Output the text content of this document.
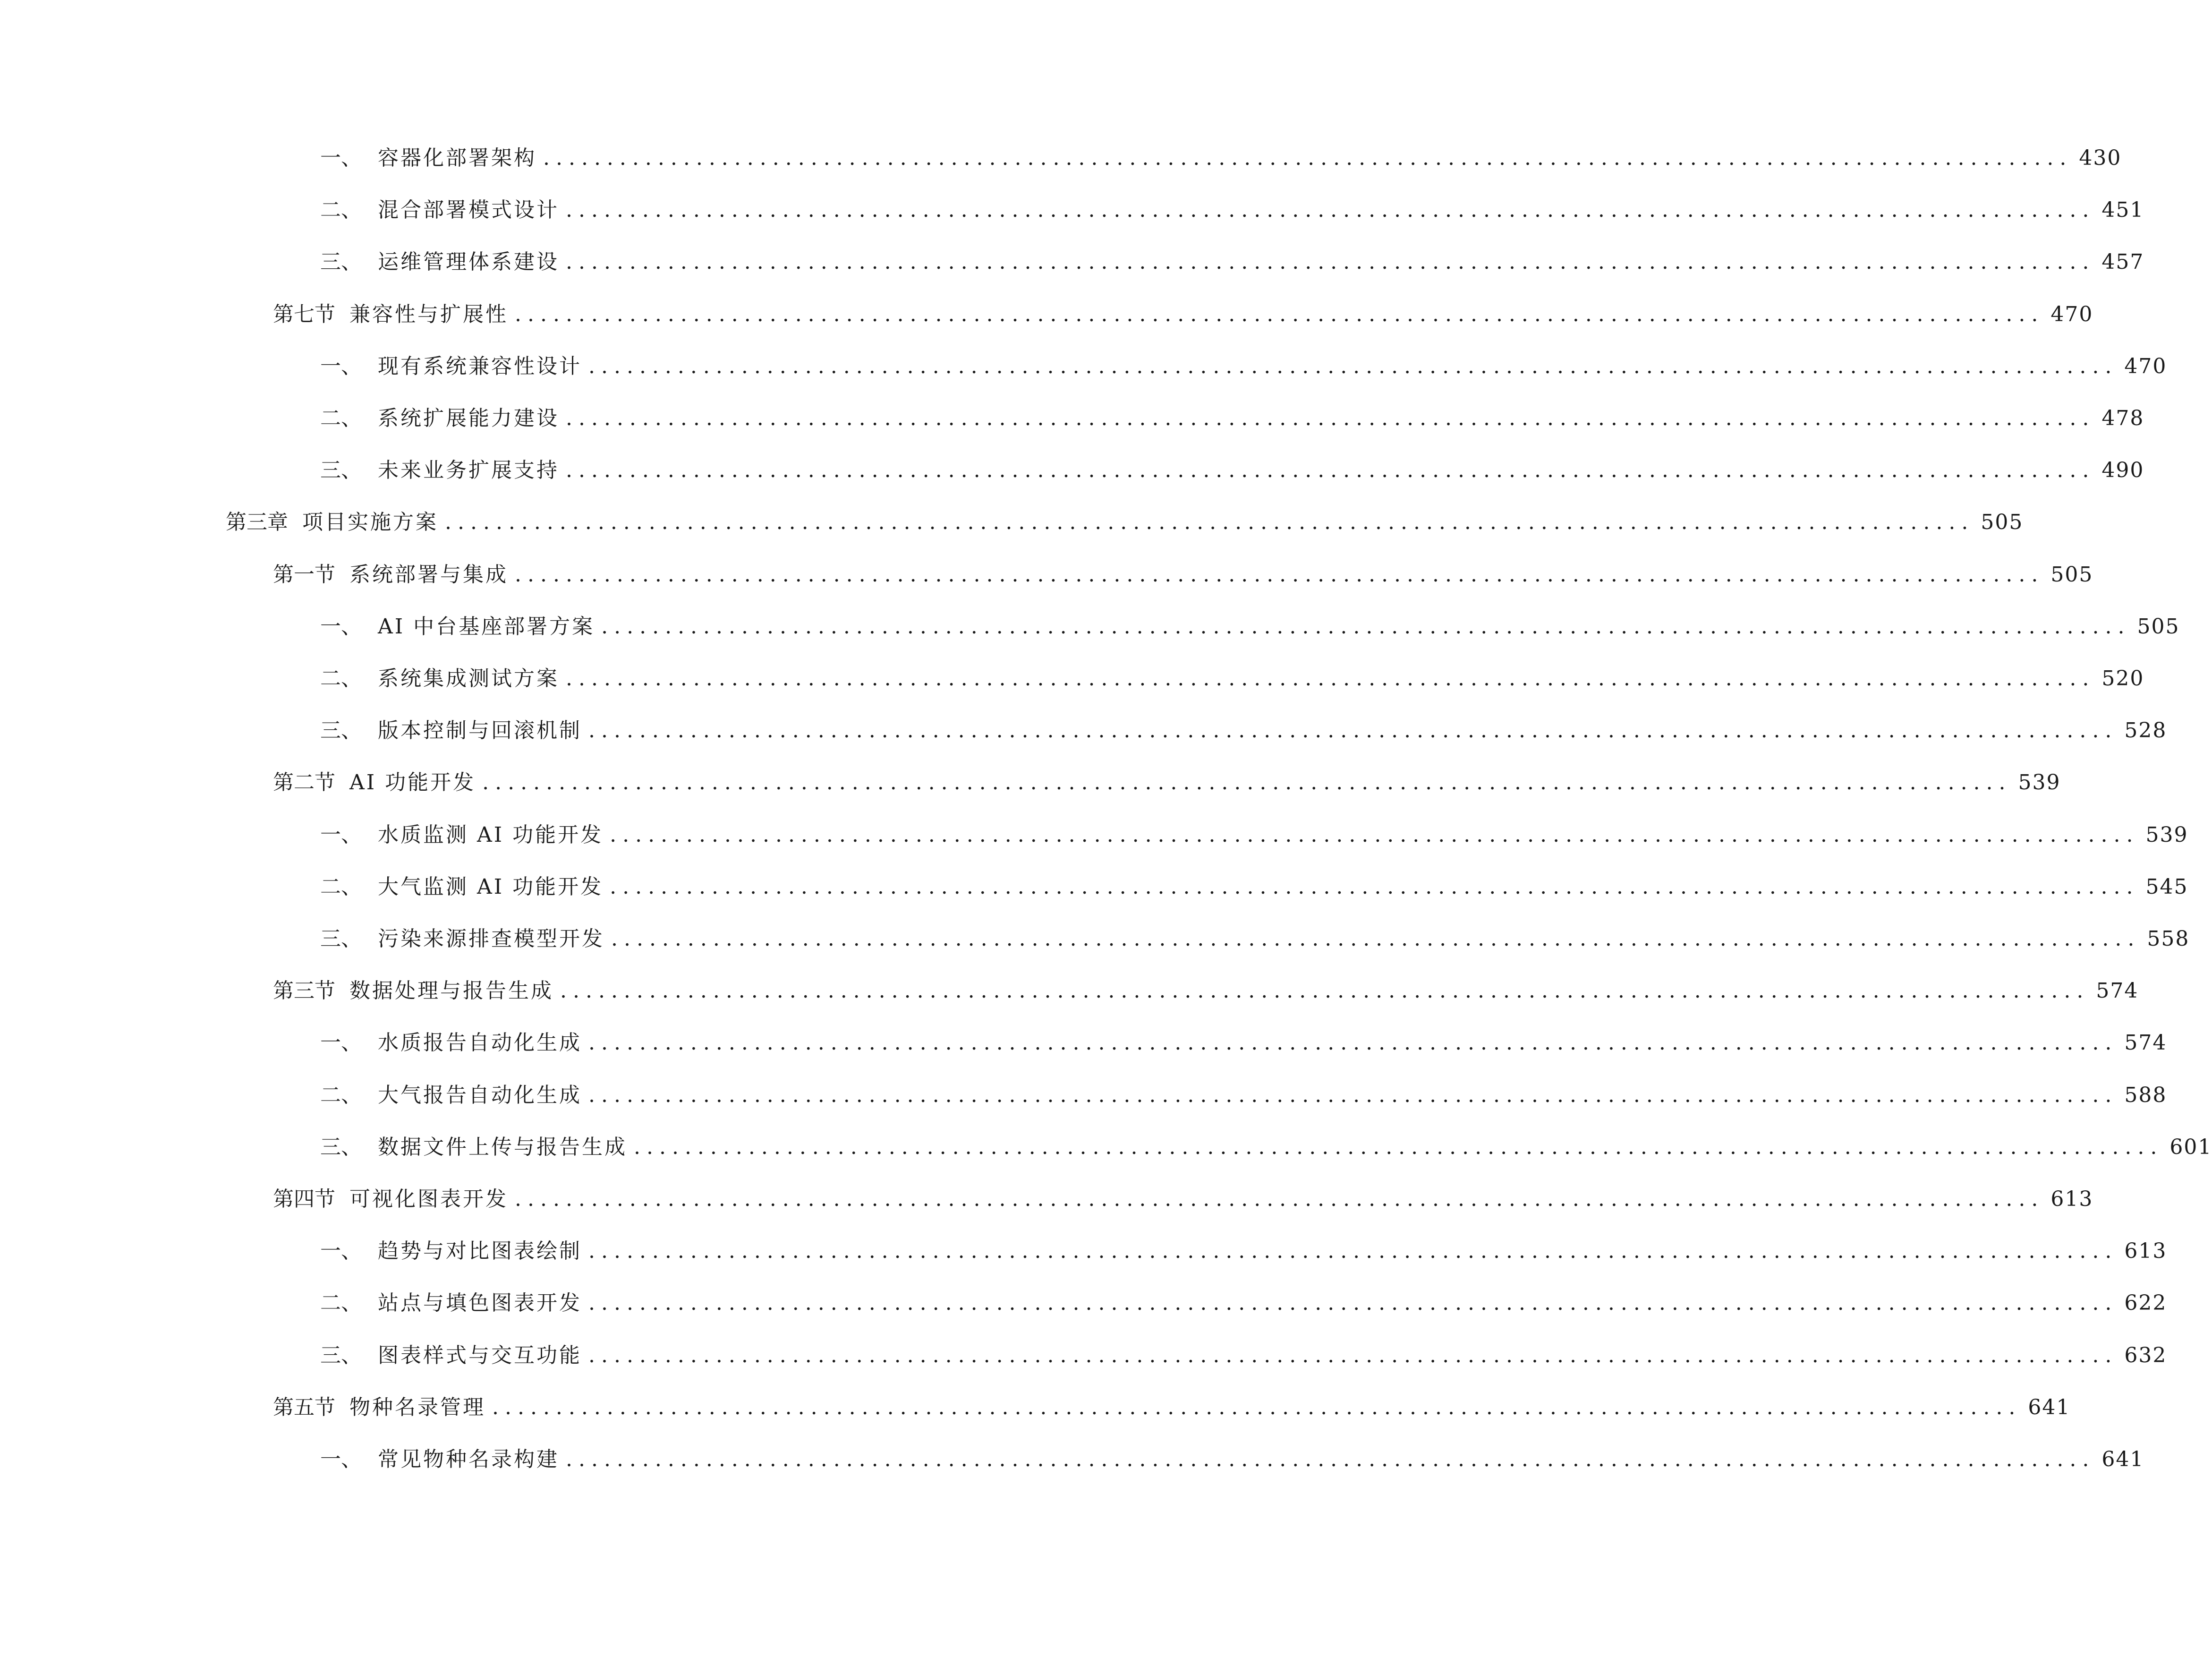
一、 容器化部署架构 ........................................................................................................................ 430
二、 混合部署模式设计 ........................................................................................................................ 451
三、 运维管理体系建设 ........................................................................................................................ 457
第七节 兼容性与扩展性 ........................................................................................................................ 470
一、 现有系统兼容性设计 ........................................................................................................................ 470
二、 系统扩展能力建设 ........................................................................................................................ 478
三、 未来业务扩展支持 ........................................................................................................................ 490
第三章 项目实施方案 ........................................................................................................................ 505
第一节 系统部署与集成 ........................................................................................................................ 505
一、 AI 中台基座部署方案 ........................................................................................................................ 505
二、 系统集成测试方案 ........................................................................................................................ 520
三、 版本控制与回滚机制 ........................................................................................................................ 528
第二节 AI 功能开发 ........................................................................................................................ 539
一、 水质监测 AI 功能开发 ........................................................................................................................ 539
二、 大气监测 AI 功能开发 ........................................................................................................................ 545
三、 污染来源排查模型开发 ........................................................................................................................ 558
第三节 数据处理与报告生成 ........................................................................................................................ 574
一、 水质报告自动化生成 ........................................................................................................................ 574
二、 大气报告自动化生成 ........................................................................................................................ 588
三、 数据文件上传与报告生成 ........................................................................................................................ 601
第四节 可视化图表开发 ........................................................................................................................ 613
一、 趋势与对比图表绘制 ........................................................................................................................ 613
二、 站点与填色图表开发 ........................................................................................................................ 622
三、 图表样式与交互功能 ........................................................................................................................ 632
第五节 物种名录管理 ........................................................................................................................ 641
一、 常见物种名录构建 ........................................................................................................................ 641
